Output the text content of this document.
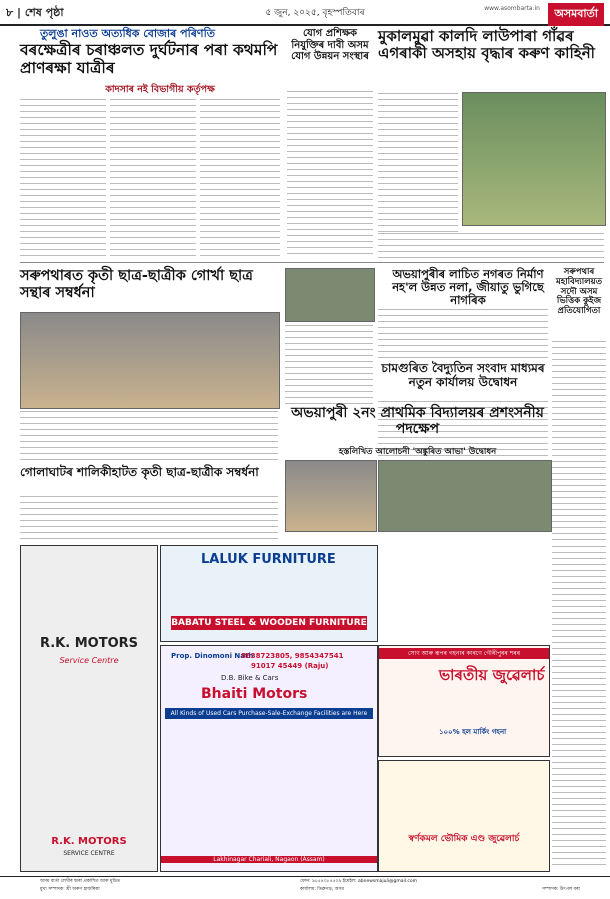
৮ | শেষ পৃষ্ঠা	৫ জুন, ২০২৫, বৃহস্পতিবাৰ	www.asombarta.in	অসমবাৰ্তা
তুলুঙা নাওত অত্যধিক বোজাৰ পৰিণতি
বৰক্ষেত্ৰীৰ চৰাঞ্চলত দুৰ্ঘটনাৰ পৰা কথমপি প্ৰাণৰক্ষা যাত্ৰীৰ
কাদসাৰ নই বিভাগীয় কৰ্তৃপক্ষ
যোগ প্ৰশিক্ষক নিযুক্তিৰ দাবী অসম যোগ উন্নয়ন সংস্থাৰ
মুকালমুৱা কালদি লাউপাৰা গাঁৱৰ এগৰাকী অসহায় বৃদ্ধাৰ কৰুণ কাহিনী
সৰুপথাৰত কৃতী ছাত্ৰ-ছাত্ৰীক গোৰ্খা ছাত্ৰ সন্থাৰ সম্বৰ্ধনা
অভয়াপুৰীৰ লাচিত নগৰত নিৰ্মাণ নহ'ল উন্নত নলা, জীয়াতু ভুগিছে নাগৰিক
চামগুৰিত বৈদ্যুতিন সংবাদ মাধ্যমৰ নতুন কাৰ্যালয় উদ্বোধন
সৰুপথাৰ মহাবিদ্যালয়ত সদৌ অসম ভিত্তিক কুইজ প্ৰতিযোগিতা
গোলাঘাটৰ শালিকীহাটত কৃতী ছাত্ৰ-ছাত্ৰীক সম্বৰ্ধনা
অভয়াপুৰী ২নং প্ৰাথমিক বিদ্যালয়ৰ প্ৰশংসনীয় পদক্ষেপ
হস্তলিখিত আলোচনী 'অঙ্কুৰিত আভা' উদ্বোধন
LALUK FURNITURE
BABATU STEEL & WOODEN FURNITURE
R.K. MOTORS
Service Centre
R.K. MOTORS
SERVICE CENTRE
Prop. Dinomoni Nath
8638723805, 9854347541
91017 45449 (Raju)
D.B. Bike & Cars
Bhaiti Motors
All Kinds of Used Cars Purchase-Sale-Exchange Facilities are Here
Lakhinagar Chariali, Nagaon (Assam)
সোণ আৰু ৰূপৰ গহনাৰ কাৰণে গৌৰীপুৰৰ শৰৰ
ভাৰতীয় জুৱেলাৰ্চ
১০০% হল মাৰ্কিং গহনা
স্বৰ্ণকমল ভৌমিক এণ্ড জুৱেলাৰ্চ
অসম বাৰ্তা লেখীৰ দ্বাৰা প্ৰকাশিত আৰু মুদ্ৰিত	ফোন: ৯৮৫৪০৮৫৫০৯ ইমেইল: abnewsmajuli@gmail.com
মুখ্য সম্পাদক: শ্ৰী অৰুণ হাজৰিকা	কাৰ্যালয়: ডিব্ৰুগড়, অসম	সম্পাদক: উৎপল বৰা
